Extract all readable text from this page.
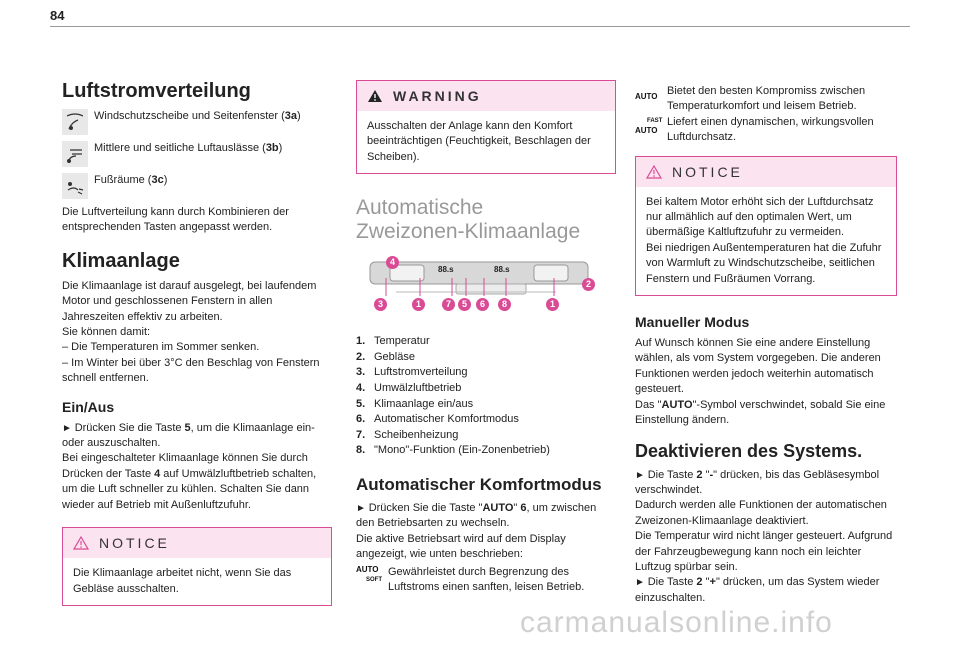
84
Luftstromverteilung

Windschutzscheibe und Seitenfenster (3a)

Mittlere und seitliche Luftauslässe (3b)

Fußräume (3c)

Die Luftverteilung kann durch Kombinieren der entsprechenden Tasten angepasst werden.

Klimaanlage

Die Klimaanlage ist darauf ausgelegt, bei laufendem Motor und geschlossenen Fenstern in allen Jahreszeiten effektiv zu arbeiten.

Sie können damit:

– Die Temperaturen im Sommer senken.

– Im Winter bei über 3°C den Beschlag von Fenstern schnell entfernen.

Ein/Aus

► Drücken Sie die Taste 5, um die Klimaanlage ein- oder auszuschalten.

Bei eingeschalteter Klimaanlage können Sie durch Drücken der Taste 4 auf Umwälzluftbetrieb schalten, um die Luft schneller zu kühlen. Schalten Sie dann wieder auf Betrieb mit Außenluftzufuhr.

NOTICE

Die Klimaanlage arbeitet nicht, wenn Sie das Gebläse ausschalten.

WARNING

Ausschalten der Anlage kann den Komfort beeinträchtigen (Feuchtigkeit, Beschlagen der Scheiben).

Automatische

Zweizonen-Klimaanlage

88.s	88.s
4
2
3	1	7	5	6	8	1
1. Temperatur
2. Gebläse
3. Luftstromverteilung
4. Umwälzluftbetrieb
5. Klimaanlage ein/aus
6. Automatischer Komfortmodus
7. Scheibenheizung
8. "Mono"-Funktion (Ein-Zonenbetrieb)
Automatischer Komfortmodus

► Drücken Sie die Taste "AUTO" 6, um zwischen den Betriebsarten zu wechseln.

Die aktive Betriebsart wird auf dem Display angezeigt, wie unten beschrieben:

AUTO
SOFT

Gewährleistet durch Begrenzung des Luftstroms einen sanften, leisen Betrieb.

AUTO Bietet den besten Kompromiss zwischen Temperaturkomfort und leisem Betrieb.

FAST
AUTO

Liefert einen dynamischen, wirkungsvollen Luftdurchsatz.

NOTICE

Bei kaltem Motor erhöht sich der Luftdurchsatz nur allmählich auf den optimalen Wert, um übermäßige Kaltluftzufuhr zu vermeiden.

Bei niedrigen Außentemperaturen hat die Zufuhr von Warmluft zu Windschutzscheibe, seitlichen Fenstern und Fußräumen Vorrang.

Manueller Modus

Auf Wunsch können Sie eine andere Einstellung wählen, als vom System vorgegeben. Die anderen Funktionen werden jedoch weiterhin automatisch gesteuert.

Das "AUTO"-Symbol verschwindet, sobald Sie eine Einstellung ändern.

Deaktivieren des Systems.

► Die Taste 2 "-" drücken, bis das Gebläsesymbol verschwindet.

Dadurch werden alle Funktionen der automatischen Zweizonen-Klimaanlage deaktiviert.

Die Temperatur wird nicht länger gesteuert. Aufgrund der Fahrzeugbewegung kann noch ein leichter Luftzug spürbar sein.

► Die Taste 2 "+" drücken, um das System wieder einzuschalten.

carmanualsonline.info
